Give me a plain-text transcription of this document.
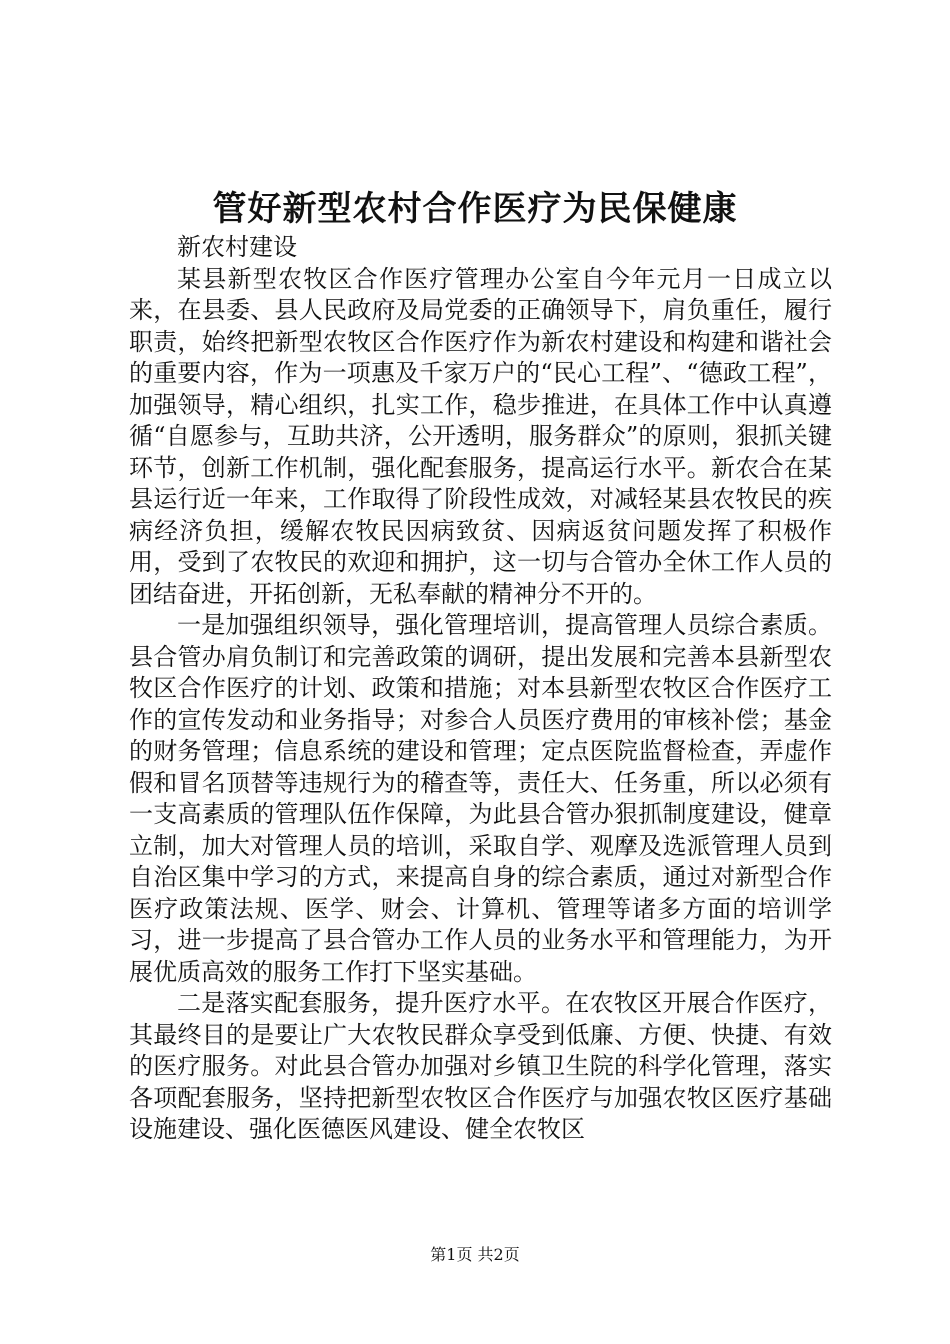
管好新型农村合作医疗为民保健康

新农村建设

某县新型农牧区合作医疗管理办公室自今年元月一日成立以来，在县委、县人民政府及局党委的正确领导下，肩负重任，履行职责，始终把新型农牧区合作医疗作为新农村建设和构建和谐社会的重要内容，作为一项惠及千家万户的“民心工程”、“德政工程”，加强领导，精心组织，扎实工作，稳步推进，在具体工作中认真遵循“自愿参与，互助共济，公开透明，服务群众”的原则，狠抓关键环节，创新工作机制，强化配套服务，提高运行水平。新农合在某县运行近一年来，工作取得了阶段性成效，对减轻某县农牧民的疾病经济负担，缓解农牧民因病致贫、因病返贫问题发挥了积极作用，受到了农牧民的欢迎和拥护，这一切与合管办全休工作人员的团结奋进，开拓创新，无私奉献的精神分不开的。

一是加强组织领导，强化管理培训，提高管理人员综合素质。县合管办肩负制订和完善政策的调研，提出发展和完善本县新型农牧区合作医疗的计划、政策和措施；对本县新型农牧区合作医疗工作的宣传发动和业务指导；对参合人员医疗费用的审核补偿；基金的财务管理；信息系统的建设和管理；定点医院监督检查，弄虚作假和冒名顶替等违规行为的稽查等，责任大、任务重，所以必须有一支高素质的管理队伍作保障，为此县合管办狠抓制度建设，健章立制，加大对管理人员的培训，采取自学、观摩及选派管理人员到自治区集中学习的方式，来提高自身的综合素质，通过对新型合作医疗政策法规、医学、财会、计算机、管理等诸多方面的培训学习，进一步提高了县合管办工作人员的业务水平和管理能力，为开展优质高效的服务工作打下坚实基础。

二是落实配套服务，提升医疗水平。在农牧区开展合作医疗，其最终目的是要让广大农牧民群众享受到低廉、方便、快捷、有效的医疗服务。对此县合管办加强对乡镇卫生院的科学化管理，落实各项配套服务，坚持把新型农牧区合作医疗与加强农牧区医疗基础设施建设、强化医德医风建设、健全农牧区

第1页 共2页
